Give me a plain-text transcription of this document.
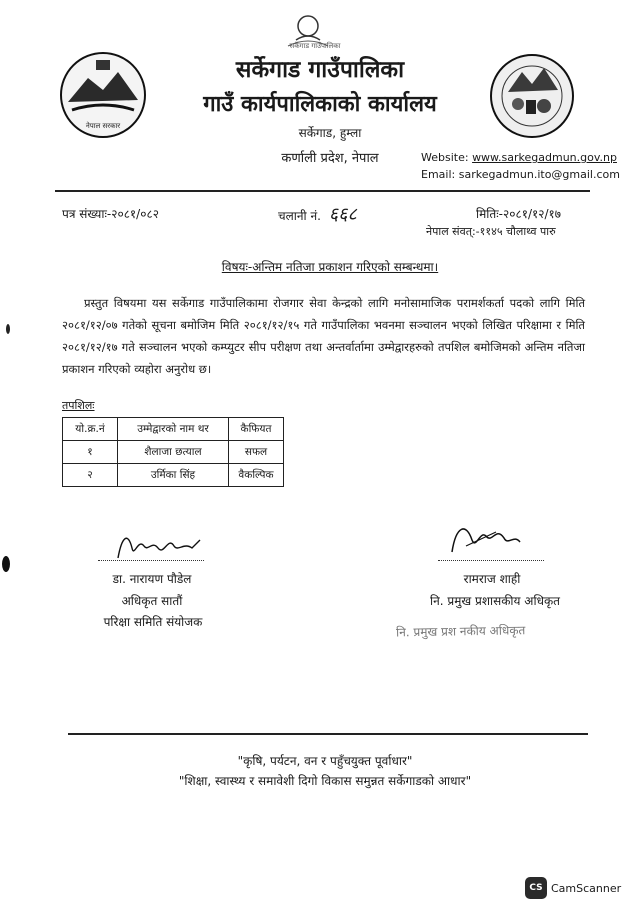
सर्केगाड गाउँपालिका
नेपाल सरकार
सर्केगाड गाउँपालिका
गाउँ कार्यपालिकाको कार्यालय
सर्केगाड, हुम्ला
कर्णाली प्रदेश, नेपाल	Website: www.sarkegadmun.gov.np
Email: sarkegadmun.ito@gmail.com
पत्र संख्याः-२०८१/०८२	चलानी नं. ६६८	मितिः-२०८१/१२/१७
नेपाल संवत्:-११४५ चौलाथ्व पारु
विषयः-अन्तिम नतिजा प्रकाशन गरिएको सम्बन्धमा।
प्रस्तुत विषयमा यस सर्केगाड गाउँपालिकामा रोजगार सेवा केन्द्रको लागि मनोसामाजिक परामर्शकर्ता पदको लागि मिति २०८१/१२/०७ गतेको सूचना बमोजिम मिति २०८१/१२/१५ गते गाउँपालिका भवनमा सञ्चालन भएको लिखित परिक्षामा र मिति २०८१/१२/१७ गते सञ्चालन भएको कम्प्युटर सीप परीक्षण तथा अन्तर्वार्तामा उम्मेद्वारहरुको तपशिल बमोजिमको अन्तिम नतिजा प्रकाशन गरिएको व्यहोरा अनुरोध छ।
तपशिलः
यो.क्र.नं	उम्मेद्वारको नाम थर	कैफियत
१	शैलाजा छत्याल	सफल
२	उर्मिका सिंह	वैकल्पिक
डा. नारायण पौडेल
अधिकृत सातौं
परिक्षा समिति संयोजक
रामराज शाही
नि. प्रमुख प्रशासकीय अधिकृत
नि. प्रमुख प्रश नकीय अधिकृत
"कृषि, पर्यटन, वन र पहुँचयुक्त पूर्वाधार"
"शिक्षा, स्वास्थ्य र समावेशी दिगो विकास समुन्नत सर्केगाडको आधार"
CS CamScanner
